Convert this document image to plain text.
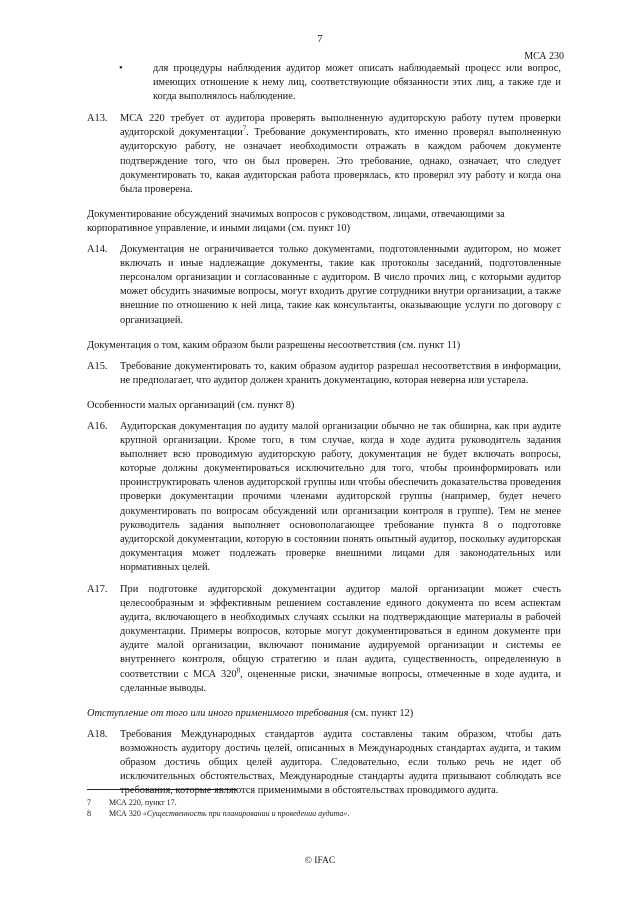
7
МСА 230
•	для процедуры наблюдения аудитор может описать наблюдаемый процесс или вопрос, имеющих отношение к нему лиц, соответствующие обязанности этих лиц, а также где и когда выполнялось наблюдение.
A13.	МСА 220 требует от аудитора проверять выполненную аудиторскую работу путем проверки аудиторской документации$^7$. Требование документировать, кто именно проверял выполненную аудиторскую работу, не означает необходимости отражать в каждом рабочем документе подтверждение того, что он был проверен. Это требование, однако, означает, что следует документировать то, какая аудиторская работа проверялась, кто проверял эту работу и когда она была проверена.
Документирование обсуждений значимых вопросов с руководством, лицами, отвечающими за корпоративное управление, и иными лицами (см. пункт 10)
A14.	Документация не ограничивается только документами, подготовленными аудитором, но может включать и иные надлежащие документы, такие как протоколы заседаний, подготовленные персоналом организации и согласованные с аудитором. В число прочих лиц, с которыми аудитор может обсудить значимые вопросы, могут входить другие сотрудники внутри организации, а также внешние по отношению к ней лица, такие как консультанты, оказывающие услуги по договору с организацией.
Документация о том, каким образом были разрешены несоответствия (см. пункт 11)
A15.	Требование документировать то, каким образом аудитор разрешал несоответствия в информации, не предполагает, что аудитор должен хранить документацию, которая неверна или устарела.
Особенности малых организаций (см. пункт 8)
A16.	Аудиторская документация по аудиту малой организации обычно не так обширна, как при аудите крупной организации. Кроме того, в том случае, когда в ходе аудита руководитель задания выполняет всю проводимую аудиторскую работу, документация не будет включать вопросы, которые должны документироваться исключительно для того, чтобы проинформировать или проинструктировать членов аудиторской группы или чтобы обеспечить доказательства проведения проверки документации прочими членами аудиторской группы (например, будет нечего документировать по вопросам обсуждений или организации контроля в группе). Тем не менее руководитель задания выполняет основополагающее требование пункта 8 о подготовке аудиторской документации, которую в состоянии понять опытный аудитор, поскольку аудиторская документация может подлежать проверке внешними лицами для законодательных или нормативных целей.
A17.	При подготовке аудиторской документации аудитор малой организации может счесть целесообразным и эффективным решением составление единого документа по всем аспектам аудита, включающего в необходимых случаях ссылки на подтверждающие материалы в рабочей документации. Примеры вопросов, которые могут документироваться в едином документе при аудите малой организации, включают понимание аудируемой организации и системы ее внутреннего контроля, общую стратегию и план аудита, существенность, определенную в соответствии с МСА $320^8$, оцененные риски, значимые вопросы, отмеченные в ходе аудита, и сделанные выводы.
Отступление от того или иного применимого требования (см. пункт 12)
A18.	Требования Международных стандартов аудита составлены таким образом, чтобы дать возможность аудитору достичь целей, описанных в Международных стандартах аудита, и таким образом достичь общих целей аудитора. Следовательно, если только речь не идет об исключительных обстоятельствах, Международные стандарты аудита призывают соблюдать все требования, которые являются применимыми в обстоятельствах проводимого аудита.
7	МСА 220, пункт 17.
8	МСА 320 «Существенность при планировании и проведении аудита».
© IFAC
